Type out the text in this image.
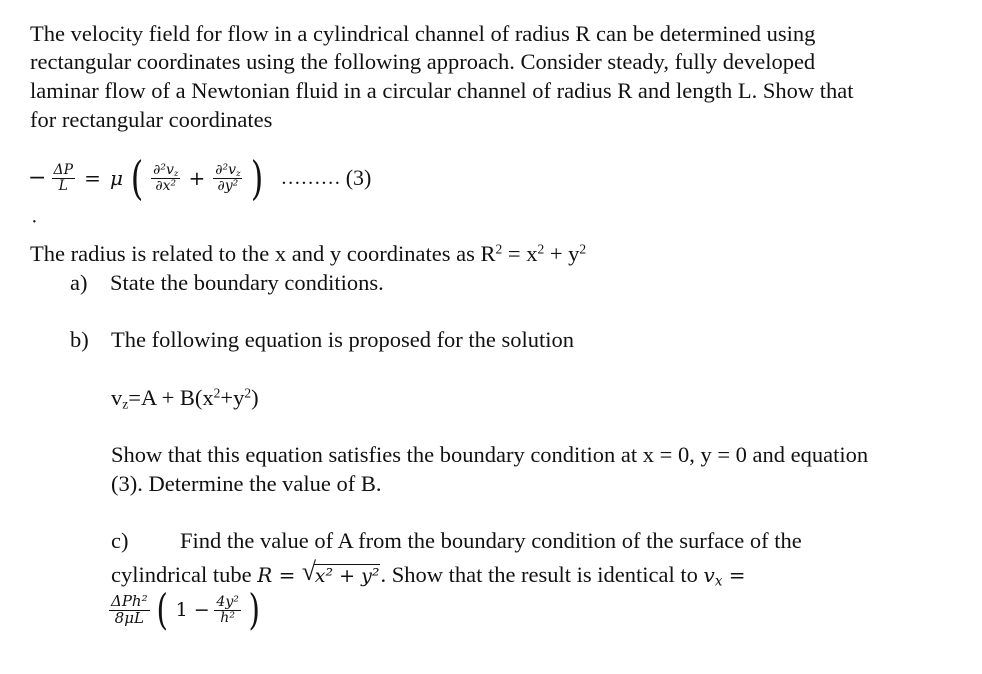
The velocity field for flow in a cylindrical channel of radius R can be determined using
rectangular coordinates using the following approach. Consider steady, fully developed
laminar flow of a Newtonian fluid in a circular channel of radius R and length L. Show that
for rectangular coordinates
− $\frac{\Delta P}{L} = \mu$ ( $\frac{\partial^2v_z}{\text{∂x²}} + \frac{\partial^2v_z}{\text{∂y²}}$ ) ……… (3)
·
The radius is related to the x and y coordinates as $R^2 = x^2 + y^2$
a) State the boundary conditions.
b) The following equation is proposed for the solution
$v_z=A + B(x^2+y^2)$
Show that this equation satisfies the boundary condition at x = 0, y = 0 and equation
(3). Determine the value of B.
c) Find the value of A from the boundary condition of the surface of the
cylindrical tube R = √
x² + y². Show that the result is identical to $v_x$ =
$\frac{\text{ΔPh²}}{8\mu L}$ ( $1 - \frac{\text{4y²}}{\text{h²}}$ )
